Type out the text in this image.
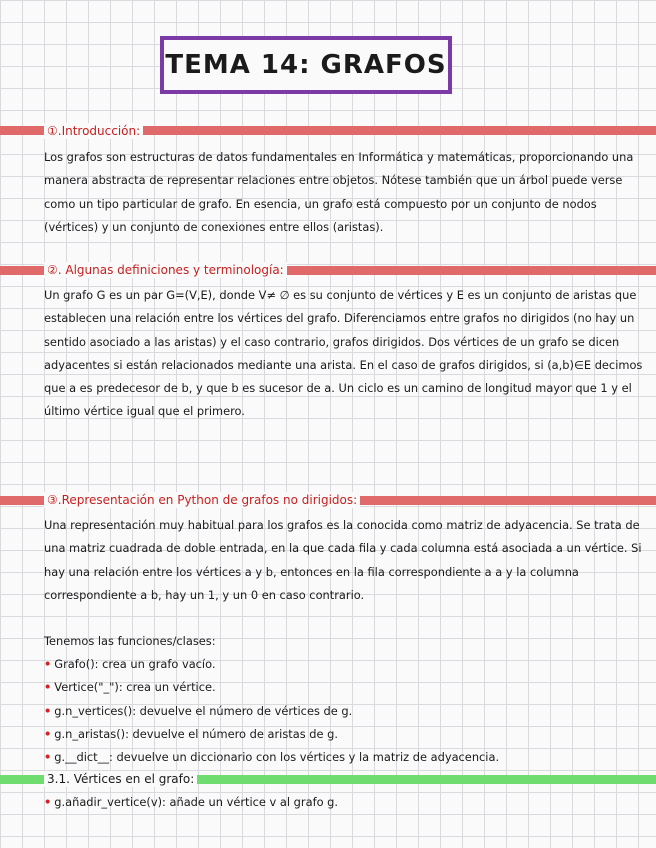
TEMA 14: GRAFOS
①.Introducción:

Los grafos son estructuras de datos fundamentales en Informática y matemáticas, proporcionando una manera abstracta de representar relaciones entre objetos. Nótese también que un árbol puede verse como un tipo particular de grafo. En esencia, un grafo está compuesto por un conjunto de nodos (vértices) y un conjunto de conexiones entre ellos (aristas).

②. Algunas definiciones y terminología:

Un grafo G es un par G=(V,E), donde V≠ ∅ es su conjunto de vértices y E es un conjunto de aristas que establecen una relación entre los vértices del grafo. Diferenciamos entre grafos no dirigidos (no hay un sentido asociado a las aristas) y el caso contrario, grafos dirigidos. Dos vértices de un grafo se dicen adyacentes si están relacionados mediante una arista. En el caso de grafos dirigidos, si (a,b)∈E decimos que a es predecesor de b, y que b es sucesor de a. Un ciclo es un camino de longitud mayor que 1 y el último vértice igual que el primero.

③.Representación en Python de grafos no dirigidos:

Una representación muy habitual para los grafos es la conocida como matriz de adyacencia. Se trata de una matriz cuadrada de doble entrada, en la que cada fila y cada columna está asociada a un vértice. Si hay una relación entre los vértices a y b, entonces en la fila correspondiente a a y la columna correspondiente a b, hay un 1, y un 0 en caso contrario.

Tenemos las funciones/clases:

• Grafo(): crea un grafo vacío.
• Vertice("_"): crea un vértice.
• g.n_vertices(): devuelve el número de vértices de g.
• g.n_aristas(): devuelve el número de aristas de g.
• g.__dict__: devuelve un diccionario con los vértices y la matriz de adyacencia.
3.1. Vértices en el grafo:
• g.añadir_vertice(v): añade un vértice v al grafo g.
